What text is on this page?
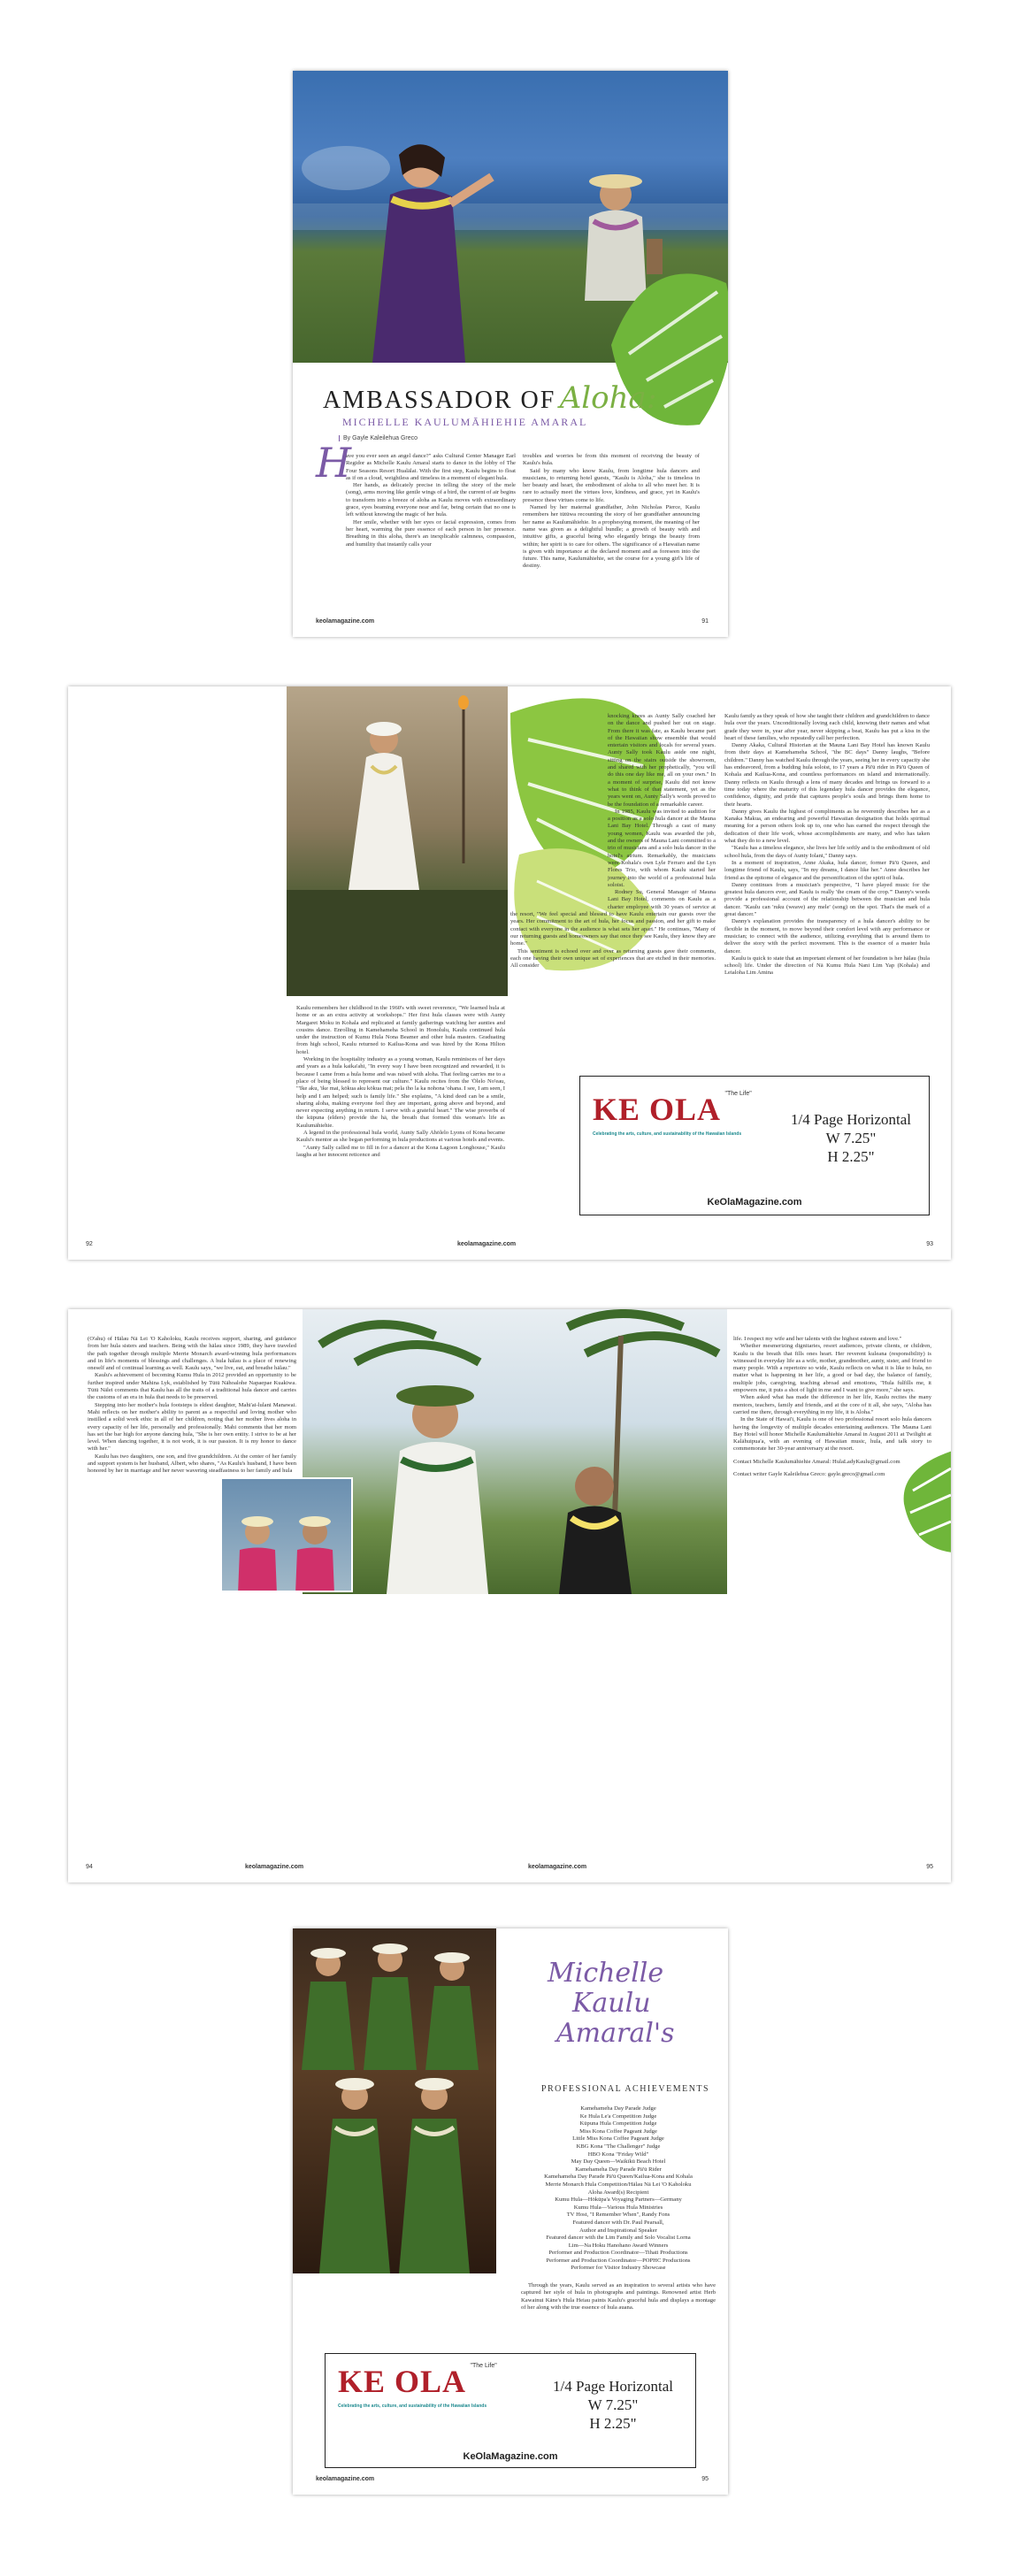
AMBASSADOR OF Aloha:
MICHELLE KAULUMĀHIEHIE AMARAL
By Gayle Kaleilehua Greco
H

ave you ever seen an angel dance?" asks Cultural Center Manager Earl Regidor as Michelle Kaulu Amaral starts to dance in the lobby of The Four Seasons Resort Hualālai. With the first step, Kaulu begins to float as if on a cloud, weightless and timeless in a moment of elegant hula.

Her hands, as delicately precise in telling the story of the mele (song), arms moving like gentle wings of a bird, the current of air begins to transform into a breeze of aloha as Kaulu moves with extraordinary grace, eyes beaming everyone near and far, being certain that no one is left without knowing the magic of her hula.

Her smile, whether with her eyes or facial expression, comes from her heart, warming the pure essence of each person in her presence. Breathing in this aloha, there's an inexplicable calmness, compassion, and humility that instantly calls your

troubles and worries be from this moment of receiving the beauty of Kaulu's hula.

Said by many who know Kaulu, from longtime hula dancers and musicians, to returning hotel guests, "Kaulu is Aloha," she is timeless in her beauty and heart, the embodiment of aloha to all who meet her. It is rare to actually meet the virtues love, kindness, and grace, yet in Kaulu's presence these virtues come to life.

Named by her maternal grandfather, John Nicholas Pierce, Kaulu remembers her tūtūwa recounting the story of her grandfather announcing her name as Kaulumāhiehie. In a prophesying moment, the meaning of her name was given as a delightful bundle; a growth of beauty with and intuitive gifts, a graceful being who elegantly brings the beauty from within; her spirit is to care for others. The significance of a Hawaiian name is given with importance at the declared moment and as foreseen into the future. This name, Kaulumāhiehie, set the course for a young girl's life of destiny.

keolamagazine.com	91

Kaulu remembers her childhood in the 1960's with sweet reverence, "We learned hula at home or as an extra activity at workshops." Her first hula classes were with Aunty Margaret Moku in Kohala and replicated at family gatherings watching her aunties and cousins dance. Enrolling in Kamehameha School in Honolulu, Kaulu continued hula under the instruction of Kumu Hula Nona Beamer and other hula masters. Graduating from high school, Kaulu returned to Kailua-Kona and was hired by the Kona Hilton hotel.

Working in the hospitality industry as a young woman, Kaulu reminisces of her days and years as a hula kaika'ahi, "In every way I have been recognized and rewarded, it is because I came from a hula home and was raised with aloha. That feeling carries me to a place of being blessed to represent our culture." Kaulu recites from the 'Ōlelo No'eau, "'Ike aku, 'ike mai, kōkua aku kōkua mai; pela iho la ka nohona 'ohana. I see, I am seen, I help and I am helped; such is family life." She explains, "A kind deed can be a smile, sharing aloha, making everyone feel they are important, going above and beyond, and never expecting anything in return. I serve with a grateful heart." The wise proverbs of the kūpuna (elders) provide the hā, the breath that formed this woman's life as Kaulumāhiehie.

A legend in the professional hula world, Aunty Sally Ahōlelo Lyons of Kona became Kaulu's mentor as she began performing in hula productions at various hotels and events.

"Aunty Sally called me to fill in for a dancer at the Kona Lagoon Longhouse," Kaulu laughs at her innocent reticence and

knocking knees as Aunty Sally coached her on the dance and pushed her out on stage. From there it was fate, as Kaulu became part of the Hawaiian show ensemble that would entertain visitors and locals for several years. Aunty Sally took Kaulu aside one night, sitting on the stairs outside the showroom, and shared with her prophetically, "you will do this one day like me, all on your own." In a moment of surprise, Kaulu did not know what to think of that statement, yet as the years went on, Aunty Sally's words proved to be the foundation of a remarkable career.

In 1985, Kaulu was invited to audition for a position as a solo hula dancer at the Mauna Lani Bay Hotel. Through a cast of many young women, Kaulu was awarded the job, and the owners of Mauna Lani committed to a trio of musicians and a solo hula dancer in the hotel's atrium. Remarkably, the musicians were Kohala's own Lyle Ferraro and the Lyn Flores Trio, with whom Kaulu started her journey into the world of a professional hula soloist.

Rodney Su, General Manager of Mauna Lani Bay Hotel, comments on Kaulu as a charter employee with 30 years of service at the resort, "We feel special and blessed to have Kaulu entertain our guests over the years. Her commitment to the art of hula, her focus and passion, and her gift to make contact with everyone in the audience is what sets her apart." He continues, "Many of our returning guests and homeowners say that once they see Kaulu, they know they are home."

This sentiment is echoed over and over as returning guests gave their comments, each one having their own unique set of experiences that are etched in their memories. All consider

Kaulu family as they speak of how she taught their children and grandchildren to dance hula over the years. Unconditionally loving each child, knowing their names and what grade they were in, year after year, never skipping a beat, Kaulu has put a kiss in the heart of these families, who repeatedly call her perfection.

Danny Akaka, Cultural Historian at the Mauna Lani Bay Hotel has known Kaulu from their days at Kamehameha School, "the BC days" Danny laughs, "Before children." Danny has watched Kaulu through the years, seeing her in every capacity she has endeavored, from a budding hula soloist, to 17 years a Pā'ū rider in Pā'ū Queen of Kohala and Kailua-Kona, and countless performances on island and internationally. Danny reflects on Kaulu through a lens of many decades and brings us forward to a time today where the maturity of this legendary hula dancer provides the elegance, confidence, dignity, and pride that captures people's souls and brings them home to their hearts.

Danny gives Kaulu the highest of compliments as he reverently describes her as a Kanaka Makua, an endearing and powerful Hawaiian designation that holds spiritual meaning for a person others look up to, one who has earned the respect through the dedication of their life work, whose accomplishments are many, and who has taken what they do to a new level.

"Kaulu has a timeless elegance, she lives her life softly and is the embodiment of old school hula, from the days of Aunty Iolani," Danny says.

In a moment of inspiration, Anne Akaka, hula dancer, former Pā'ū Queen, and longtime friend of Kaulu, says, "In my dreams, I dance like her." Anne describes her friend as the epitome of elegance and the personification of the spirit of hula.

Danny continues from a musician's perspective, "I have played music for the greatest hula dancers ever, and Kaulu is really 'the cream of the crop.'" Danny's words provide a professional account of the relationship between the musician and hula dancer. "Kaulu can 'ruku (weave) any mele' (song) on the spot. That's the mark of a great dancer."

Danny's explanation provides the transparency of a hula dancer's ability to be flexible in the moment, to move beyond their comfort level with any performance or musician; to connect with the audience, utilizing everything that is around them to deliver the story with the perfect movement. This is the essence of a master hula dancer.

Kaulu is quick to state that an important element of her foundation is her hālau (hula school) life. Under the direction of Nā Kumu Hula Nani Lim Yap (Kohala) and Leialoha Lim Amina

KE OLA $^{"The Life"}$
Celebrating the arts, culture, and sustainability of the Hawaiian Islands
1/4 Page Horizontal
W 7.25"
H 2.25"
KeOlaMagazine.com
92	keolamagazine.com	93

(O'ahu) of Hālau Nā Lei 'O Kaholoku, Kaulu receives support, sharing, and guidance from her hula sisters and teachers. Being with the hālau since 1989, they have traveled the path together through multiple Merrie Monarch award-winning hula performances and in life's moments of blessings and challenges. A hula hālau is a place of renewing oneself and of continual learning as well. Kaulu says, "we live, eat, and breathe hālau."

Kaulu's achievement of becoming Kumu Hula in 2012 provided an opportunity to be further inspired under Mahina Lyk, established by Tūtū Nāhoalohe Napaepae Kuakiwa. Tūtū Nālei comments that Kaulu has all the traits of a traditional hula dancer and carries the customs of an era in hula that needs to be preserved.

Stepping into her mother's hula footsteps is eldest daughter, Mahi'ai-lulani Manawai. Mahi reflects on her mother's ability to parent as a respectful and loving mother who instilled a solid work ethic in all of her children, noting that her mother lives aloha in every capacity of her life, personally and professionally. Mahi comments that her mom has set the bar high for anyone dancing hula, "She is her own entity. I strive to be at her level. When dancing together, it is not work, it is our passion. It is my honor to dance with her."

Kaulu has two daughters, one son, and five grandchildren. At the center of her family and support system is her husband, Albert, who shares, "As Kaulu's husband, I have been honored by her in marriage and her never wavering steadfastness to her family and hula

life. I respect my wife and her talents with the highest esteem and love."

Whether mesmerizing dignitaries, resort audiences, private clients, or children, Kaulu is the breath that fills ones heart. Her reverent kuleana (responsibility) is witnessed in everyday life as a wife, mother, grandmother, aunty, sister, and friend to many people. With a repertoire so wide, Kaulu reflects on what it is like to hula, no matter what is happening in her life, a good or bad day, the balance of family, multiple jobs, caregiving, teaching abroad and emotions, "Hula fulfills me, it empowers me, it puts a shot of light in me and I want to give more," she says.

When asked what has made the difference in her life, Kaulu recites the many mentors, teachers, family and friends, and at the core of it all, she says, "Aloha has carried me there, through everything in my life, it is Aloha."

In the State of Hawai'i, Kaulu is one of two professional resort solo hula dancers having the longevity of multiple decades entertaining audiences. The Mauna Lani Bay Hotel will honor Michelle Kaulumāhiehie Amaral in August 2011 at Twilight at Kalāhuipua'a, with an evening of Hawaiian music, hula, and talk story to commemorate her 30-year anniversary at the resort.

Contact Michelle Kaulumāhiehie Amaral: HulaLadyKaulu@gmail.com

Contact writer Gayle Kaleilehua Greco: gayle.greco@gmail.com

94	keolamagazine.com	keolamagazine.com	95
Michelle
Kaulu
Amaral's
PROFESSIONAL ACHIEVEMENTS
Kamehameha Day Parade Judge
Ke Hula Le'a Competition Judge
Kūpuna Hula Competition Judge
Miss Kona Coffee Pageant Judge
Little Miss Kona Coffee Pageant Judge
KBG Kona "The Challenger" Judge
HBO Kona "Friday Wild"
May Day Queen—Waikīkū Beach Hotel
Kamehameha Day Parade Pā'ū Rider
Kamehameha Day Parade Pā'ū Queen/Kailua-Kona and Kohala
Merrie Monarch Hula Competition/Hālau Nā Lei 'O Kaholoku
Aloha Award(s) Recipient
Kumu Hula—Hōkūpa'a Voyaging Partners—Germany
Kumu Hula—Various Hula Ministries
TV Host, "I Remember When", Randy Fons
Featured dancer with Dr. Paul Pearsall,
Author and Inspirational Speaker
Featured dancer with the Lim Family and Solo Vocalist Lorna
Lim—Na Hoku Hanohano Award Winners
Performer and Production Coordinator—Tihati Productions
Performer and Production Coordinator—POPHC Productions
Performer for Visitor Industry Showcase

Through the years, Kaulu served as an inspiration to several artists who have captured her style of hula in photographs and paintings. Renowned artist Herb Kawainui Kāne's Hula Heiau paints Kaulu's graceful hula and displays a montage of her along with the true essence of hula auana.

KE OLA $^{"The Life"}$
Celebrating the arts, culture, and sustainability of the Hawaiian Islands
1/4 Page Horizontal
W 7.25"
H 2.25"
KeOlaMagazine.com
keolamagazine.com	95
